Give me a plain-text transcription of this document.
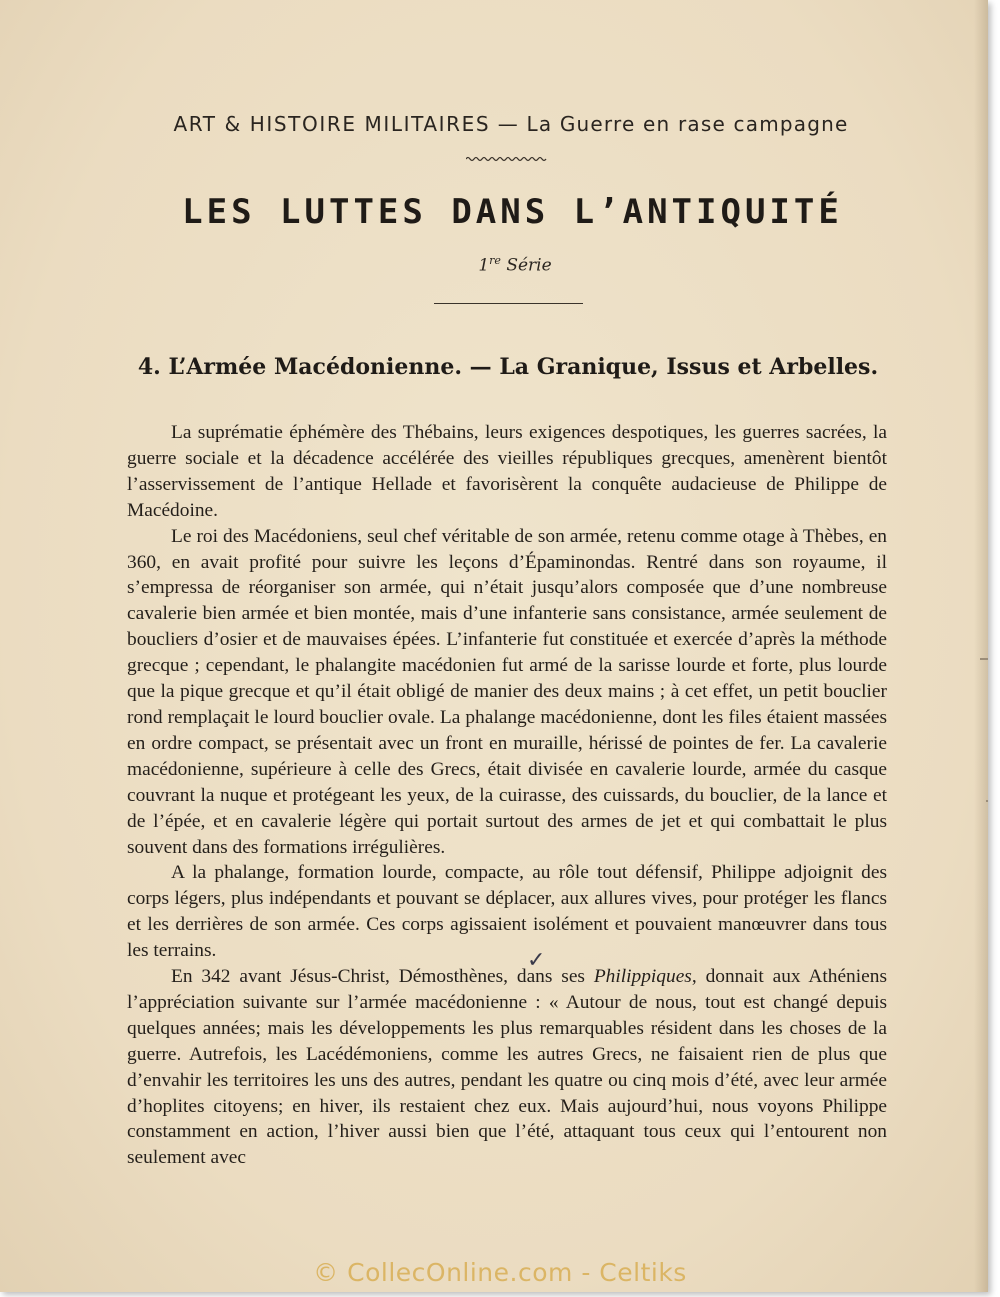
ART & HISTOIRE MILITAIRES — La Guerre en rase campagne
LES LUTTES DANS L’ANTIQUITÉ
1re Série
4. L’Armée Macédonienne. — La Granique, Issus et Arbelles.

La suprématie éphémère des Thébains, leurs exigences despotiques, les guerres sacrées, la guerre sociale et la décadence accélérée des vieilles républiques grecques, amenèrent bientôt l’asservissement de l’antique Hellade et favorisèrent la conquête audacieuse de Philippe de Macédoine.

Le roi des Macédoniens, seul chef véritable de son armée, retenu comme otage à Thèbes, en 360, en avait profité pour suivre les leçons d’Épaminondas. Rentré dans son royaume, il s’empressa de réorganiser son armée, qui n’était jusqu’alors composée que d’une nombreuse cavalerie bien armée et bien montée, mais d’une infanterie sans consistance, armée seulement de boucliers d’osier et de mauvaises épées. L’infanterie fut constituée et exercée d’après la méthode grecque ; cependant, le phalangite macédonien fut armé de la sarisse lourde et forte, plus lourde que la pique grecque et qu’il était obligé de manier des deux mains ; à cet effet, un petit bouclier rond remplaçait le lourd bouclier ovale. La phalange macédonienne, dont les files étaient massées en ordre compact, se présentait avec un front en muraille, hérissé de pointes de fer. La cavalerie macédonienne, supérieure à celle des Grecs, était divisée en cavalerie lourde, armée du casque couvrant la nuque et protégeant les yeux, de la cuirasse, des cuissards, du bouclier, de la lance et de l’épée, et en cavalerie légère qui portait surtout des armes de jet et qui combattait le plus souvent dans des formations irrégulières.

A la phalange, formation lourde, compacte, au rôle tout défensif, Philippe adjoignit des corps légers, plus indépendants et pouvant se déplacer, aux allures vives, pour protéger les flancs et les derrières de son armée. Ces corps agissaient isolément et pouvaient manœuvrer dans tous les terrains.

En 342 avant Jésus-Christ, Démosthènes, dans ses Philippiques, donnait aux Athéniens l’appréciation suivante sur l’armée macédonienne : « Autour de nous, tout est changé depuis quelques années; mais les développements les plus remarquables résident dans les choses de la guerre. Autrefois, les Lacédémoniens, comme les autres Grecs, ne faisaient rien de plus que d’envahir les territoires les uns des autres, pendant les quatre ou cinq mois d’été, avec leur armée d’hoplites citoyens; en hiver, ils restaient chez eux. Mais aujourd’hui, nous voyons Philippe constamment en action, l’hiver aussi bien que l’été, attaquant tous ceux qui l’entourent non seulement avec

✓
© CollecOnline.com - Celtiks
